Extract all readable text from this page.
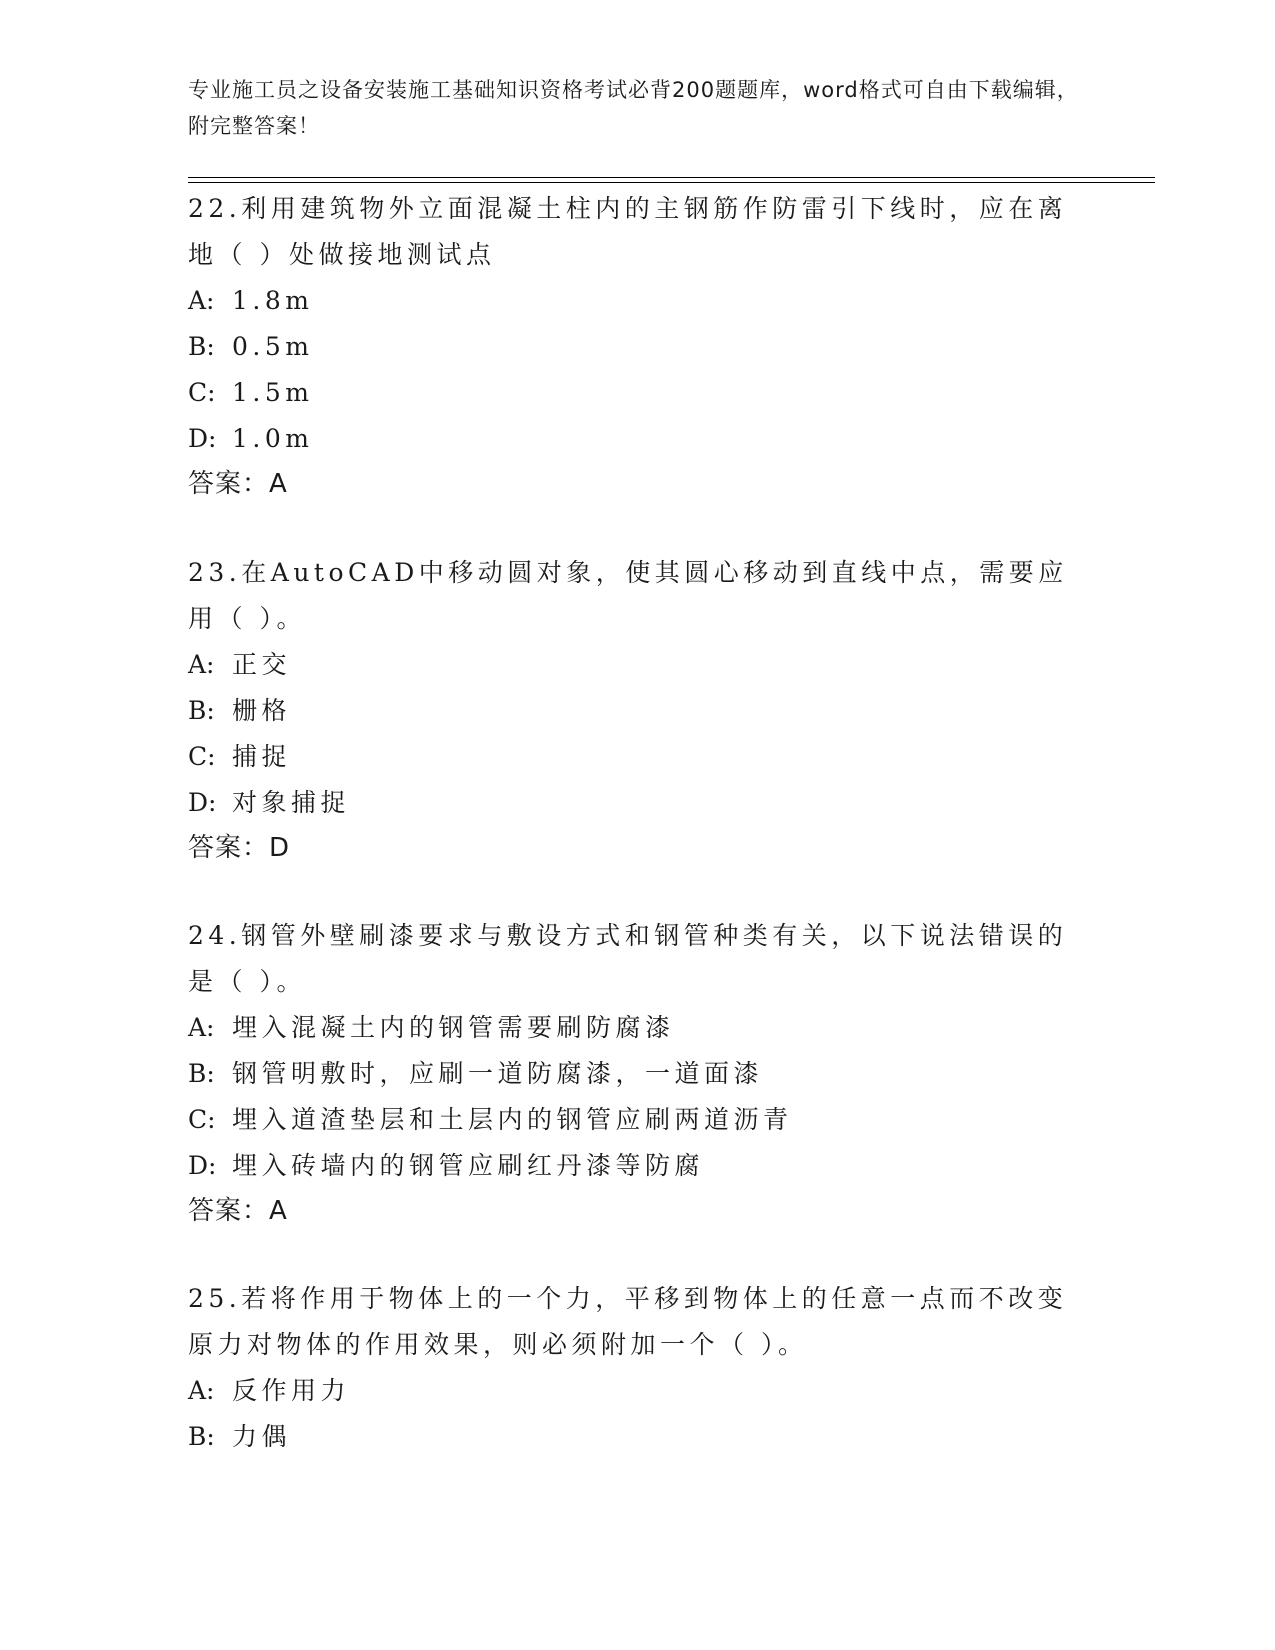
专业施工员之设备安装施工基础知识资格考试必背200题题库，word格式可自由下载编辑，附完整答案！
22.利用建筑物外立面混凝土柱内的主钢筋作防雷引下线时，应在离地（ ）处做接地测试点
A: 1.8m
B: 0.5m
C: 1.5m
D: 1.0m
答案：A
23.在AutoCAD中移动圆对象，使其圆心移动到直线中点，需要应用（ ）。
A: 正交
B: 栅格
C: 捕捉
D: 对象捕捉
答案：D
24.钢管外壁刷漆要求与敷设方式和钢管种类有关，以下说法错误的是（ ）。
A: 埋入混凝土内的钢管需要刷防腐漆
B: 钢管明敷时，应刷一道防腐漆，一道面漆
C: 埋入道渣垫层和土层内的钢管应刷两道沥青
D: 埋入砖墙内的钢管应刷红丹漆等防腐
答案：A
25.若将作用于物体上的一个力，平移到物体上的任意一点而不改变原力对物体的作用效果，则必须附加一个（ ）。
A: 反作用力
B: 力偶
